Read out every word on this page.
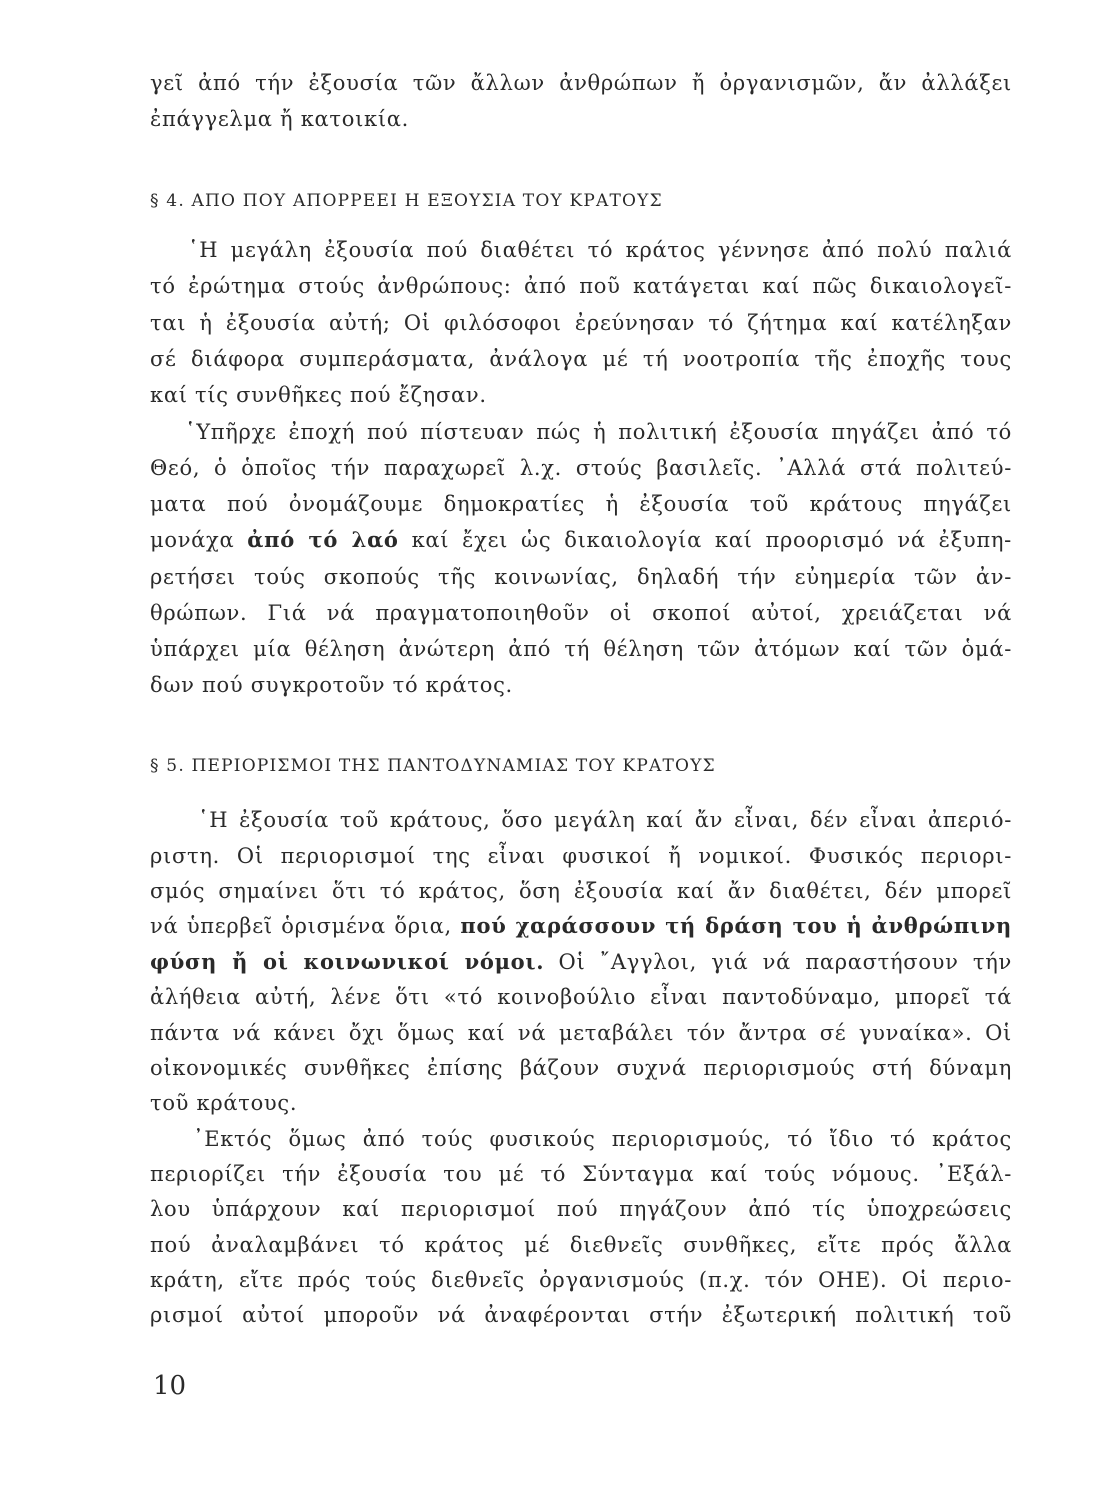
γεῖ ἀπό τήν ἐξουσία τῶν ἄλλων ἀνθρώπων ἤ ὀργανισμῶν, ἄν ἀλλάξει
ἐπάγγελμα ἤ κατοικία.
§ 4. ΑΠΟ ΠΟΥ ΑΠΟΡΡΕΕΙ Η ΕΞΟΥΣΙΑ ΤΟΥ ΚΡΑΤΟΥΣ
῾Η μεγάλη ἐξουσία πού διαθέτει τό κράτος γέννησε ἀπό πολύ παλιά
τό ἐρώτημα στούς ἀνθρώπους: ἀπό ποῦ κατάγεται καί πῶς δικαιολογεῖ-
ται ἡ ἐξουσία αὐτή; Οἱ φιλόσοφοι ἐρεύνησαν τό ζήτημα καί κατέληξαν
σέ διάφορα συμπεράσματα, ἀνάλογα μέ τή νοοτροπία τῆς ἐποχῆς τους
καί τίς συνθῆκες πού ἔζησαν.
῾Υπῆρχε ἐποχή πού πίστευαν πώς ἡ πολιτική ἐξουσία πηγάζει ἀπό τό
Θεό, ὁ ὁποῖος τήν παραχωρεῖ λ.χ. στούς βασιλεῖς. ᾿Αλλά στά πολιτεύ-
ματα πού ὀνομάζουμε δημοκρατίες ἡ ἐξουσία τοῦ κράτους πηγάζει
μονάχα ἀπό τό λαό καί ἔχει ὡς δικαιολογία καί προορισμό νά ἐξυπη-
ρετήσει τούς σκοπούς τῆς κοινωνίας, δηλαδή τήν εὐημερία τῶν ἀν-
θρώπων. Γιά νά πραγματοποιηθοῦν οἱ σκοποί αὐτοί, χρειάζεται νά
ὑπάρχει μία θέληση ἀνώτερη ἀπό τή θέληση τῶν ἀτόμων καί τῶν ὁμά-
δων πού συγκροτοῦν τό κράτος.
§ 5. ΠΕΡΙΟΡΙΣΜΟΙ ΤΗΣ ΠΑΝΤΟΔΥΝΑΜΙΑΣ ΤΟΥ ΚΡΑΤΟΥΣ
῾Η ἐξουσία τοῦ κράτους, ὅσο μεγάλη καί ἄν εἶναι, δέν εἶναι ἀπεριό-
ριστη. Οἱ περιορισμοί της εἶναι φυσικοί ἤ νομικοί. Φυσικός περιορι-
σμός σημαίνει ὅτι τό κράτος, ὅση ἐξουσία καί ἄν διαθέτει, δέν μπορεῖ
νά ὑπερβεῖ ὁρισμένα ὅρια, πού χαράσσουν τή δράση του ἡ ἀνθρώπινη
φύση ἤ οἱ κοινωνικοί νόμοι. Οἱ ῎Αγγλοι, γιά νά παραστήσουν τήν
ἀλήθεια αὐτή, λένε ὅτι «τό κοινοβούλιο εἶναι παντοδύναμο, μπορεῖ τά
πάντα νά κάνει ὄχι ὅμως καί νά μεταβάλει τόν ἄντρα σέ γυναίκα». Οἱ
οἰκονομικές συνθῆκες ἐπίσης βάζουν συχνά περιορισμούς στή δύναμη
τοῦ κράτους.
᾿Εκτός ὅμως ἀπό τούς φυσικούς περιορισμούς, τό ἴδιο τό κράτος
περιορίζει τήν ἐξουσία του μέ τό Σύνταγμα καί τούς νόμους. ᾿Εξάλ-
λου ὑπάρχουν καί περιορισμοί πού πηγάζουν ἀπό τίς ὑποχρεώσεις
πού ἀναλαμβάνει τό κράτος μέ διεθνεῖς συνθῆκες, εἴτε πρός ἄλλα
κράτη, εἴτε πρός τούς διεθνεῖς ὀργανισμούς (π.χ. τόν ΟΗΕ). Οἱ περιο-
ρισμοί αὐτοί μποροῦν νά ἀναφέρονται στήν ἐξωτερική πολιτική τοῦ
10
